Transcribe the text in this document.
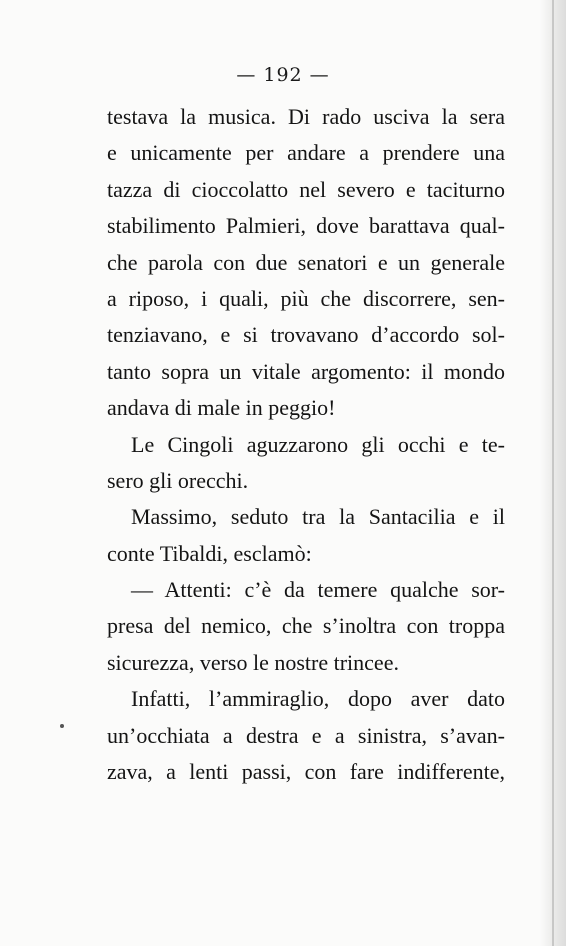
— 192 —
testava la musica. Di rado usciva la sera
e unicamente per andare a prendere una
tazza di cioccolatto nel severo e taciturno
stabilimento Palmieri, dove barattava qual-
che parola con due senatori e un generale
a riposo, i quali, più che discorrere, sen-
tenziavano, e si trovavano d’accordo sol-
tanto sopra un vitale argomento: il mondo
andava di male in peggio!
Le Cingoli aguzzarono gli occhi e te-
sero gli orecchi.
Massimo, seduto tra la Santacilia e il
conte Tibaldi, esclamò:
— Attenti: c’è da temere qualche sor-
presa del nemico, che s’inoltra con troppa
sicurezza, verso le nostre trincee.
Infatti, l’ammiraglio, dopo aver dato
un’occhiata a destra e a sinistra, s’avan-
zava, a lenti passi, con fare indifferente,
